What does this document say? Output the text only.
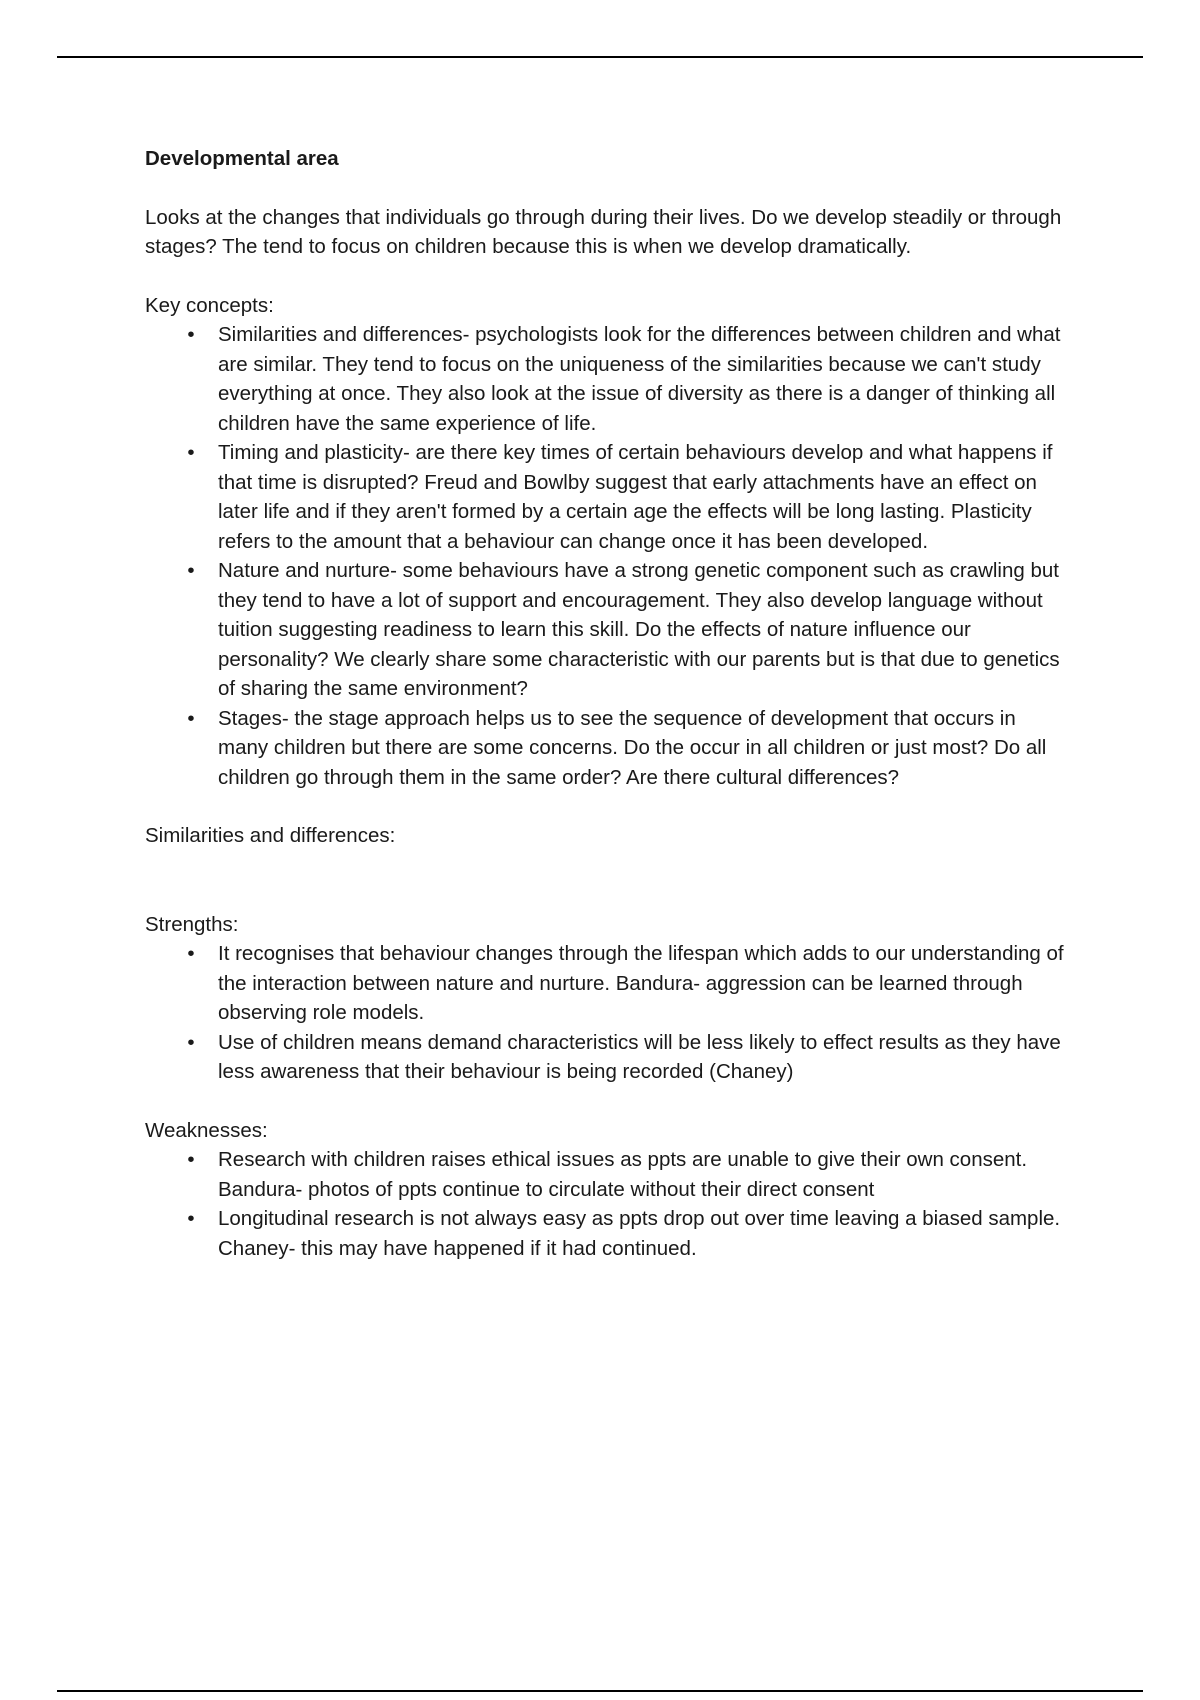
Developmental area

Looks at the changes that individuals go through during their lives. Do we develop steadily or through stages? The tend to focus on children because this is when we develop dramatically.

Key concepts:

•	Similarities and differences- psychologists look for the differences between children and what are similar. They tend to focus on the uniqueness of the similarities because we can't study everything at once. They also look at the issue of diversity as there is a danger of thinking all children have the same experience of life.
•	Timing and plasticity- are there key times of certain behaviours develop and what happens if that time is disrupted? Freud and Bowlby suggest that early attachments have an effect on later life and if they aren't formed by a certain age the effects will be long lasting. Plasticity refers to the amount that a behaviour can change once it has been developed.
•	Nature and nurture- some behaviours have a strong genetic component such as crawling but they tend to have a lot of support and encouragement. They also develop language without tuition suggesting readiness to learn this skill. Do the effects of nature influence our personality? We clearly share some characteristic with our parents but is that due to genetics of sharing the same environment?
•	Stages- the stage approach helps us to see the sequence of development that occurs in many children but there are some concerns. Do the occur in all children or just most? Do all children go through them in the same order? Are there cultural differences?

Similarities and differences:

Strengths:

•	It recognises that behaviour changes through the lifespan which adds to our understanding of the interaction between nature and nurture. Bandura- aggression can be learned through observing role models.
•	Use of children means demand characteristics will be less likely to effect results as they have less awareness that their behaviour is being recorded (Chaney)

Weaknesses:

•	Research with children raises ethical issues as ppts are unable to give their own consent. Bandura- photos of ppts continue to circulate without their direct consent
•	Longitudinal research is not always easy as ppts drop out over time leaving a biased sample. Chaney- this may have happened if it had continued.
